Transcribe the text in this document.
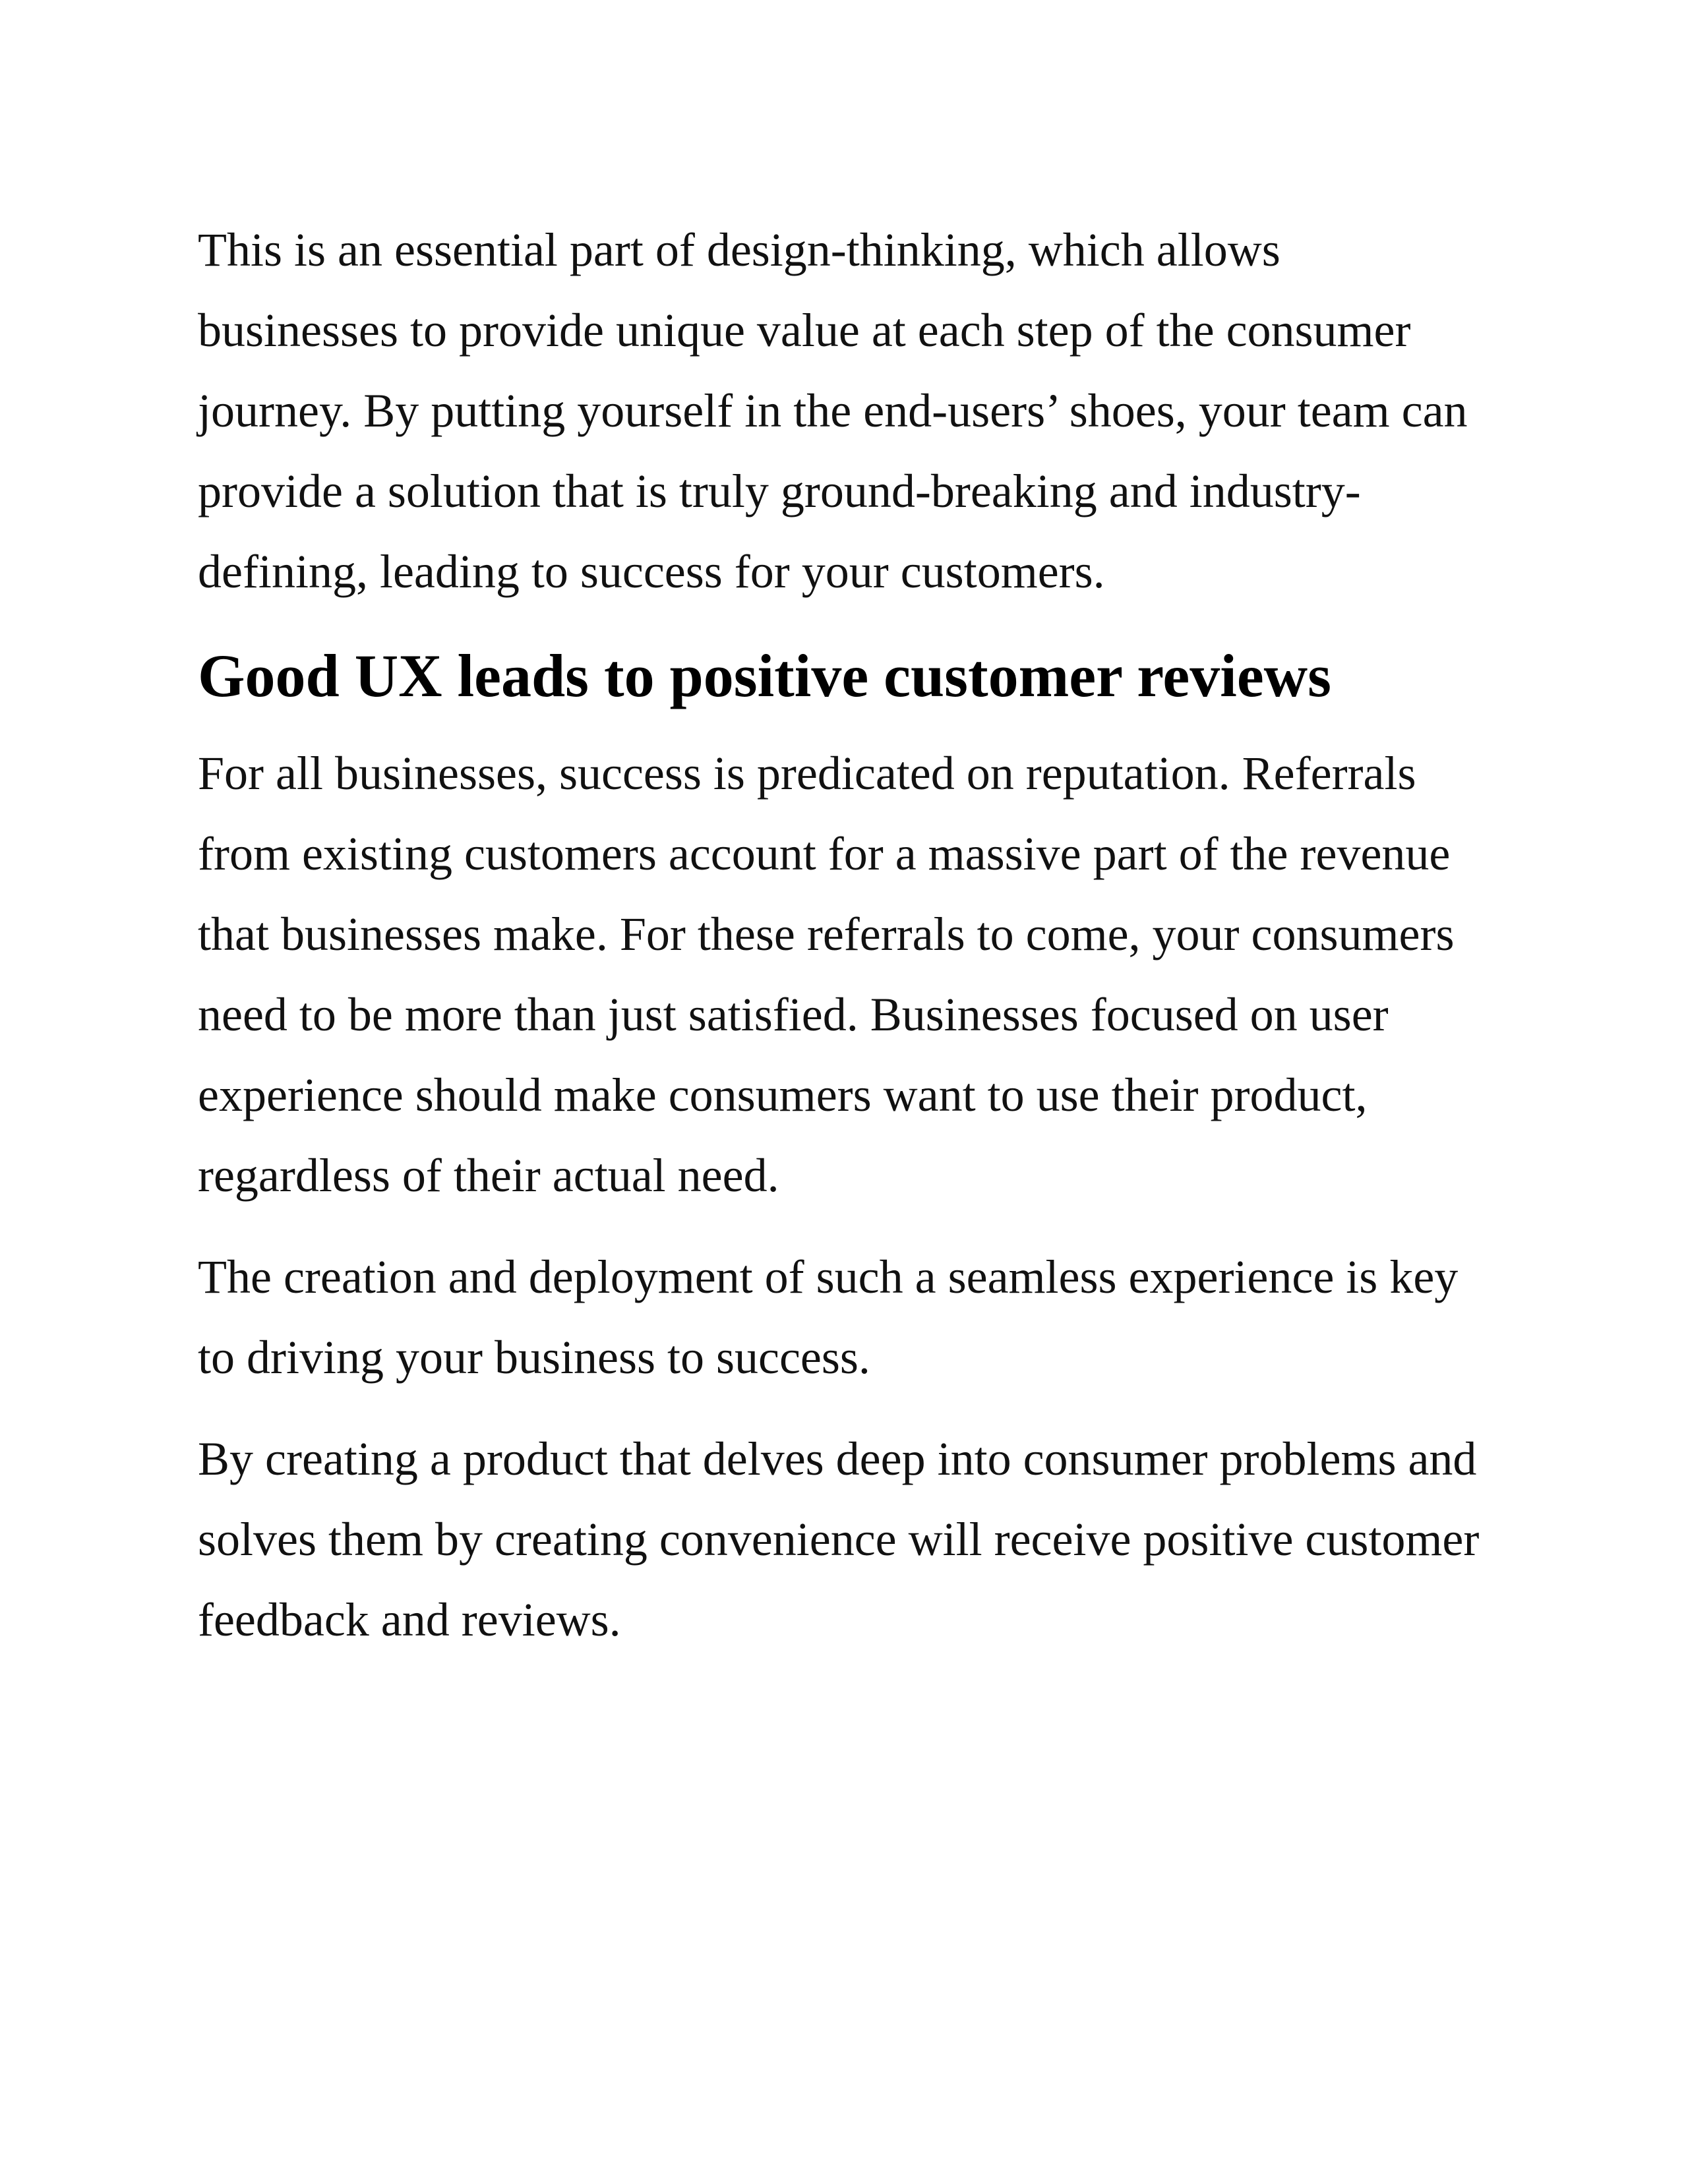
This is an essential part of design-thinking, which allows businesses to provide unique value at each step of the consumer journey. By putting yourself in the end-users’ shoes, your team can provide a solution that is truly ground-breaking and industry-defining, leading to success for your customers.

Good UX leads to positive customer reviews

For all businesses, success is predicated on reputation. Referrals from existing customers account for a massive part of the revenue that businesses make. For these referrals to come, your consumers need to be more than just satisfied. Businesses focused on user experience should make consumers want to use their product, regardless of their actual need.

The creation and deployment of such a seamless experience is key to driving your business to success.

By creating a product that delves deep into consumer problems and solves them by creating convenience will receive positive customer feedback and reviews.
